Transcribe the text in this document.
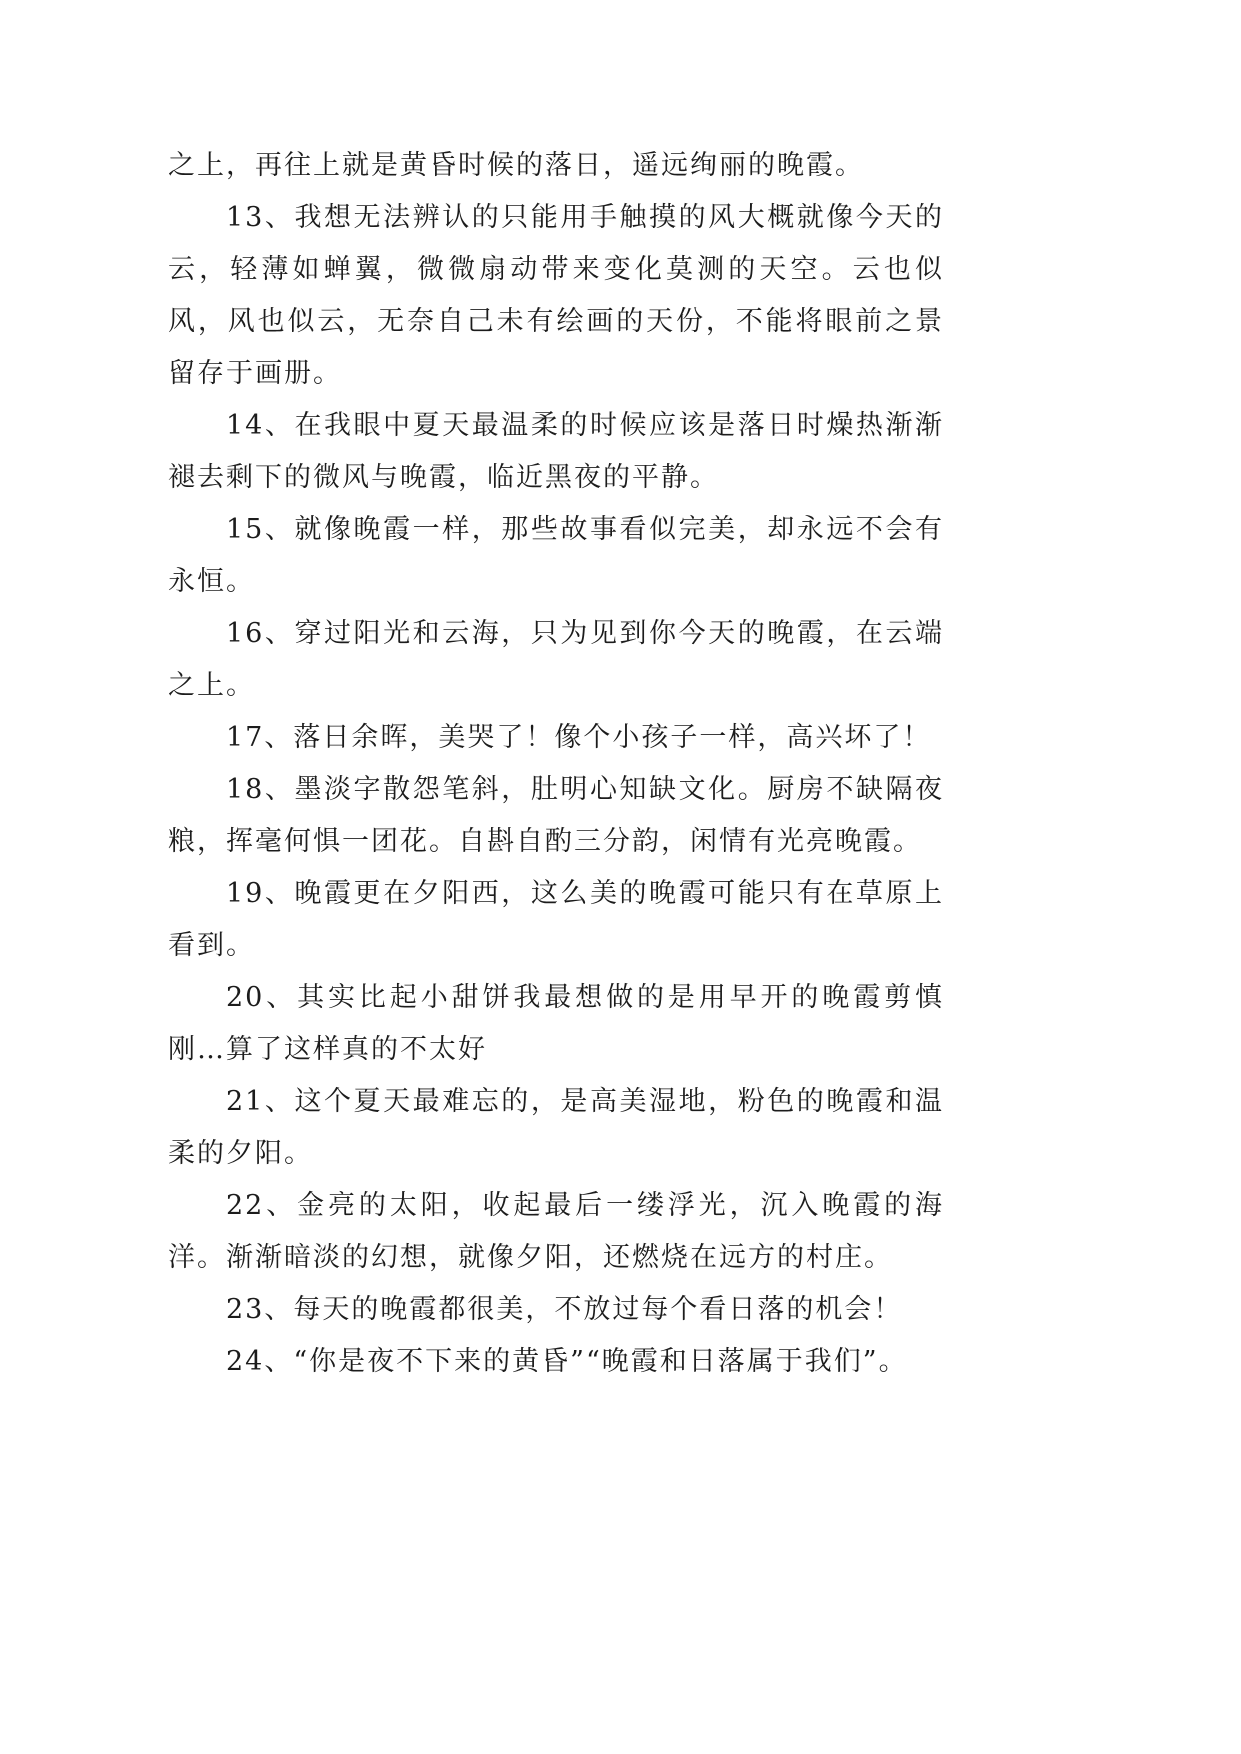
之上，再往上就是黄昏时候的落日，遥远绚丽的晚霞。

13、我想无法辨认的只能用手触摸的风大概就像今天的云，轻薄如蝉翼，微微扇动带来变化莫测的天空。云也似风，风也似云，无奈自己未有绘画的天份，不能将眼前之景留存于画册。

14、在我眼中夏天最温柔的时候应该是落日时燥热渐渐褪去剩下的微风与晚霞，临近黑夜的平静。

15、就像晚霞一样，那些故事看似完美，却永远不会有永恒。

16、穿过阳光和云海，只为见到你今天的晚霞，在云端之上。

17、落日余晖，美哭了！像个小孩子一样，高兴坏了！

18、墨淡字散怨笔斜，肚明心知缺文化。厨房不缺隔夜粮，挥毫何惧一团花。自斟自酌三分韵，闲情有光亮晚霞。

19、晚霞更在夕阳西，这么美的晚霞可能只有在草原上看到。

20、其实比起小甜饼我最想做的是用早开的晚霞剪慎刚…算了这样真的不太好

21、这个夏天最难忘的，是高美湿地，粉色的晚霞和温柔的夕阳。

22、金亮的太阳，收起最后一缕浮光，沉入晚霞的海洋。渐渐暗淡的幻想，就像夕阳，还燃烧在远方的村庄。

23、每天的晚霞都很美，不放过每个看日落的机会！

24、“你是夜不下来的黄昏”“晚霞和日落属于我们”。
